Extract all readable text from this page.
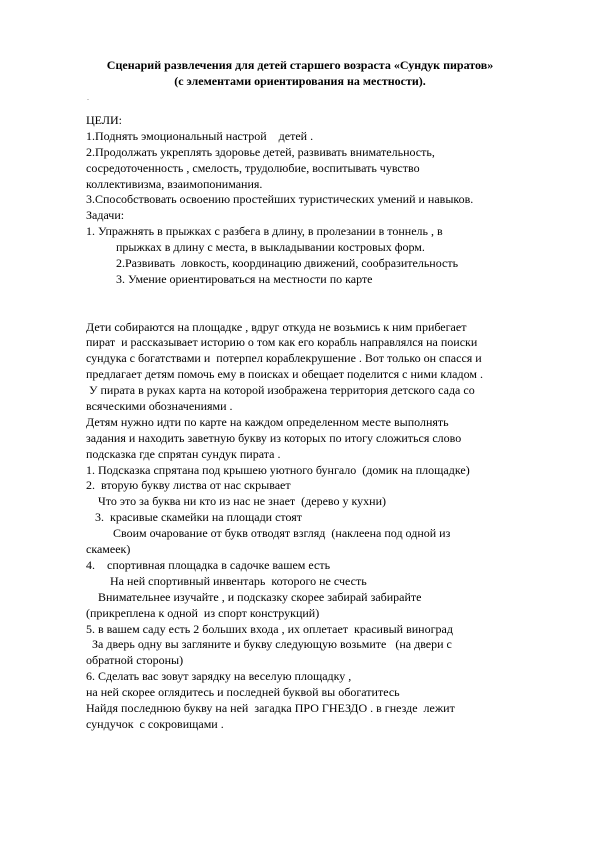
Сценарий развлечения для детей старшего возраста «Сундук пиратов»
(с элементами ориентирования на местности).
.
ЦЕЛИ:
1.Поднять эмоциональный настрой    детей .
2.Продолжать укреплять здоровье детей, развивать внимательность,
сосредоточенность , смелость, трудолюбие, воспитывать чувство
коллективизма, взаимопонимания.
3.Способствовать освоению простейших туристических умений и навыков.
Задачи:
1. Упражнять в прыжках с разбега в длину, в пролезании в тоннель , в
прыжках в длину с места, в выкладывании костровых форм.
2.Развивать  ловкость, координацию движений, сообразительность
3. Умение ориентироваться на местности по карте
Дети собираются на площадке , вдруг откуда не возьмись к ним прибегает
пират  и рассказывает историю о том как его корабль направлялся на поиски
сундука с богатствами и  потерпел кораблекрушение . Вот только он спасся и
предлагает детям помочь ему в поисках и обещает поделится с ними кладом .
У пирата в руках карта на которой изображена территория детского сада со
всяческими обозначениями .
Детям нужно идти по карте на каждом определенном месте выполнять
задания и находить заветную букву из которых по итогу сложиться слово
подсказка где спрятан сундук пирата .
1. Подсказка спрятана под крышею уютного бунгало  (домик на площадке)
2.  вторую букву листва от нас скрывает
Что это за буква ни кто из нас не знает  (дерево у кухни)
3.  красивые скамейки на площади стоят
Своим очарование от букв отводят взгляд  (наклеена под одной из
скамеек)
4.    спортивная площадка в садочке вашем есть
На ней спортивный инвентарь  которого не счесть
Внимательнее изучайте , и подсказку скорее забирай забирайте
(прикреплена к одной  из спорт конструкций)
5. в вашем саду есть 2 больших входа , их оплетает  красивый виноград
За дверь одну вы загляните и букву следующую возьмите   (на двери с
обратной стороны)
6. Сделать вас зовут зарядку на веселую площадку ,
на ней скорее оглядитесь и последней буквой вы обогатитесь
Найдя последнюю букву на ней  загадка ПРО ГНЕЗДО . в гнезде  лежит
сундучок  с сокровищами .
